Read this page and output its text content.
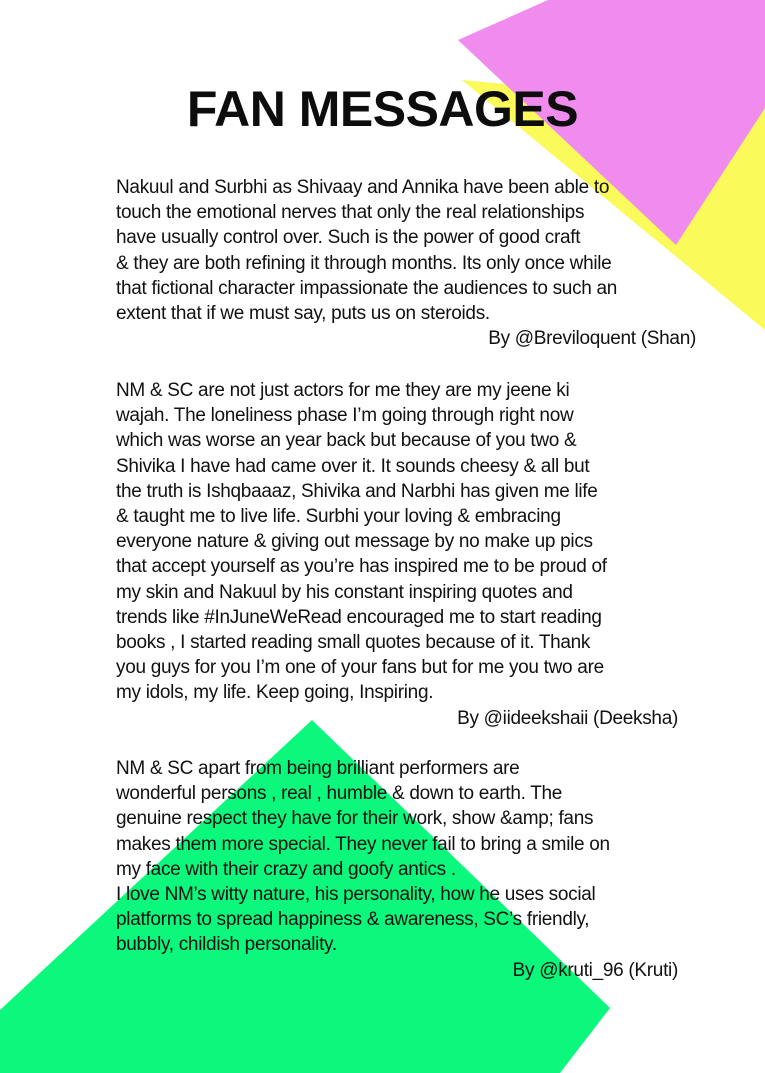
FAN MESSAGES

Nakuul and Surbhi as Shivaay and Annika have been able to
touch the emotional nerves that only the real relationships
have usually control over. Such is the power of good craft
& they are both refining it through months. Its only once while
that fictional character impassionate the audiences to such an
extent that if we must say, puts us on steroids.

By @Breviloquent (Shan)

NM & SC are not just actors for me they are my jeene ki
wajah. The loneliness phase I’m going through right now
which was worse an year back but because of you two &
Shivika I have had came over it. It sounds cheesy & all but
the truth is Ishqbaaaz, Shivika and Narbhi has given me life
& taught me to live life. Surbhi your loving & embracing
everyone nature & giving out message by no make up pics
that accept yourself as you’re has inspired me to be proud of
my skin and Nakuul by his constant inspiring quotes and
trends like #InJuneWeRead encouraged me to start reading
books , I started reading small quotes because of it. Thank
you guys for you I’m one of your fans but for me you two are
my idols, my life. Keep going, Inspiring.

By @iideekshaii (Deeksha)

NM & SC apart from being brilliant performers are
wonderful persons , real , humble & down to earth. The
genuine respect they have for their work, show &amp; fans
makes them more special. They never fail to bring a smile on
my face with their crazy and goofy antics .
I love NM’s witty nature, his personality, how he uses social
platforms to spread happiness & awareness, SC’s friendly,
bubbly, childish personality.

By @kruti_96 (Kruti)
